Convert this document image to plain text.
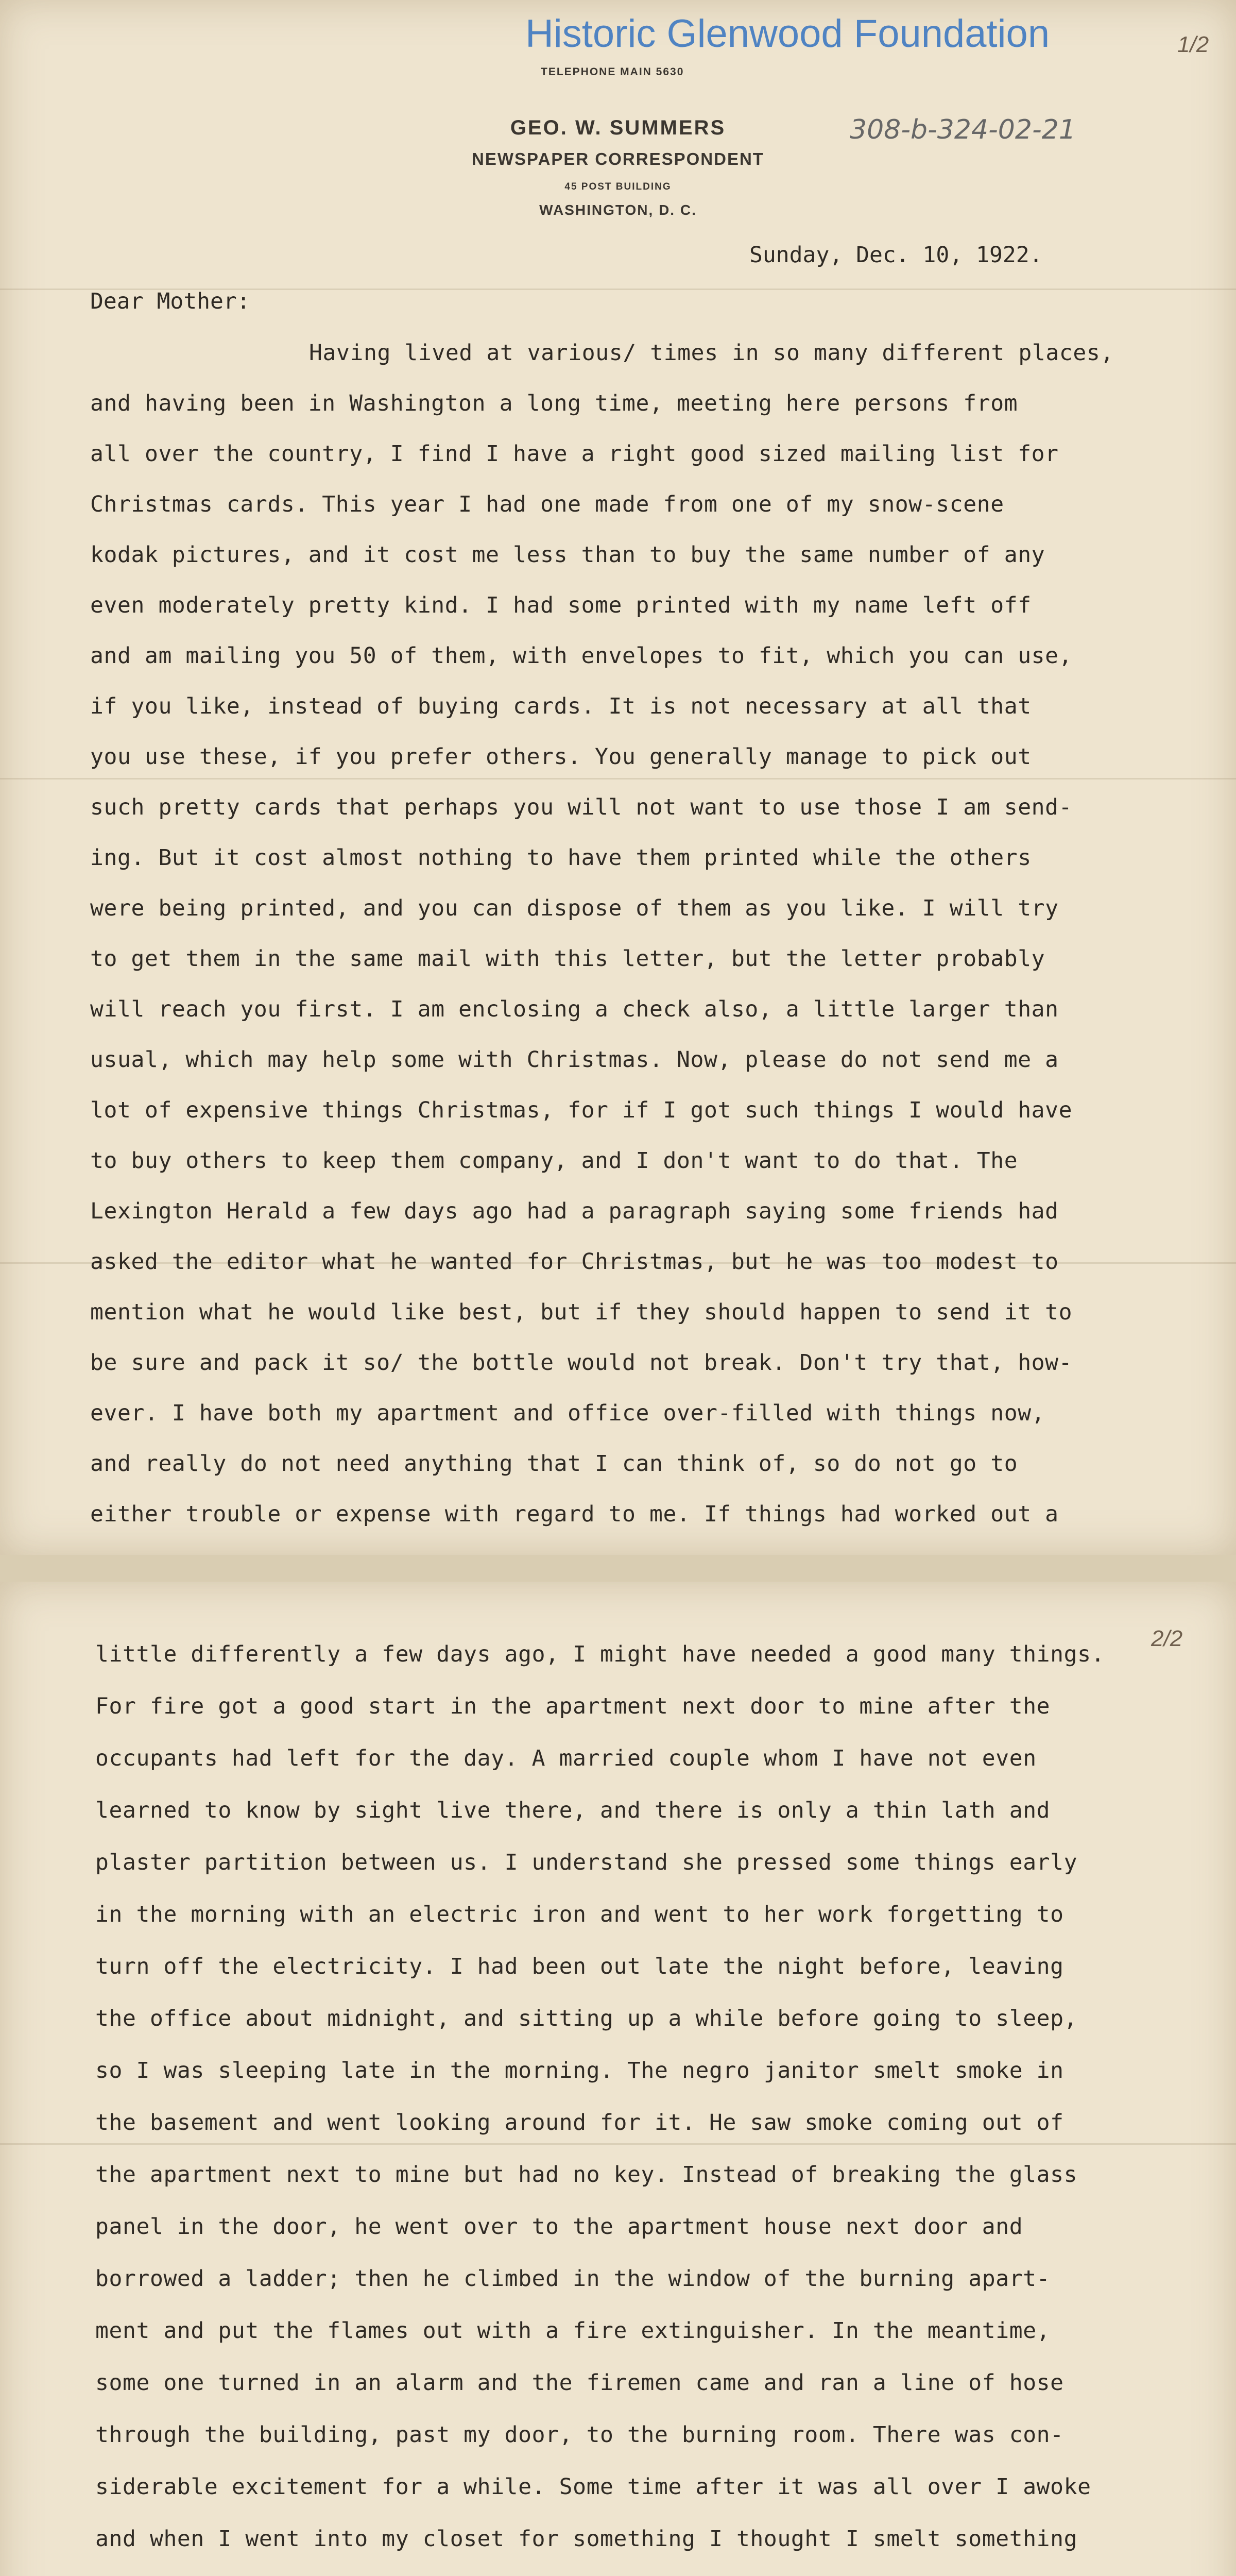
Historic Glenwood Foundation	1/2
TELEPHONE MAIN 5630
GEO. W. SUMMERS
NEWSPAPER CORRESPONDENT
45 POST BUILDING
WASHINGTON, D. C.
308-b-324-02-21
Sunday, Dec. 10, 1922.
Dear Mother:
Having lived at various/ times in so many different places,
and having been in Washington a long time, meeting here persons from
all over the country, I find I have a right good sized mailing list for
Christmas cards. This year I had one made from one of my snow-scene
kodak pictures, and it cost me less than to buy the same number of any
even moderately pretty kind. I had some printed with my name left off
and am mailing you 50 of them, with envelopes to fit, which you can use,
if you like, instead of buying cards. It is not necessary at all that
you use these, if you prefer others. You generally manage to pick out
such pretty cards that perhaps you will not want to use those I am send-
ing. But it cost almost nothing to have them printed while the others
were being printed, and you can dispose of them as you like. I will try
to get them in the same mail with this letter, but the letter probably
will reach you first. I am enclosing a check also, a little larger than
usual, which may help some with Christmas. Now, please do not send me a
lot of expensive things Christmas, for if I got such things I would have
to buy others to keep them company, and I don't want to do that. The
Lexington Herald a few days ago had a paragraph saying some friends had
asked the editor what he wanted for Christmas, but he was too modest to
mention what he would like best, but if they should happen to send it to
be sure and pack it so/ the bottle would not break. Don't try that, how-
ever. I have both my apartment and office over-filled with things now,
and really do not need anything that I can think of, so do not go to
either trouble or expense with regard to me. If things had worked out a
2/2
little differently a few days ago, I might have needed a good many things.
For fire got a good start in the apartment next door to mine after the
occupants had left for the day. A married couple whom I have not even
learned to know by sight live there, and there is only a thin lath and
plaster partition between us. I understand she pressed some things early
in the morning with an electric iron and went to her work forgetting to
turn off the electricity. I had been out late the night before, leaving
the office about midnight, and sitting up a while before going to sleep,
so I was sleeping late in the morning. The negro janitor smelt smoke in
the basement and went looking around for it. He saw smoke coming out of
the apartment next to mine but had no key. Instead of breaking the glass
panel in the door, he went over to the apartment house next door and
borrowed a ladder; then he climbed in the window of the burning apart-
ment and put the flames out with a fire extinguisher. In the meantime,
some one turned in an alarm and the firemen came and ran a line of hose
through the building, past my door, to the burning room. There was con-
siderable excitement for a while. Some time after it was all over I awoke
and when I went into my closet for something I thought I smelt something
